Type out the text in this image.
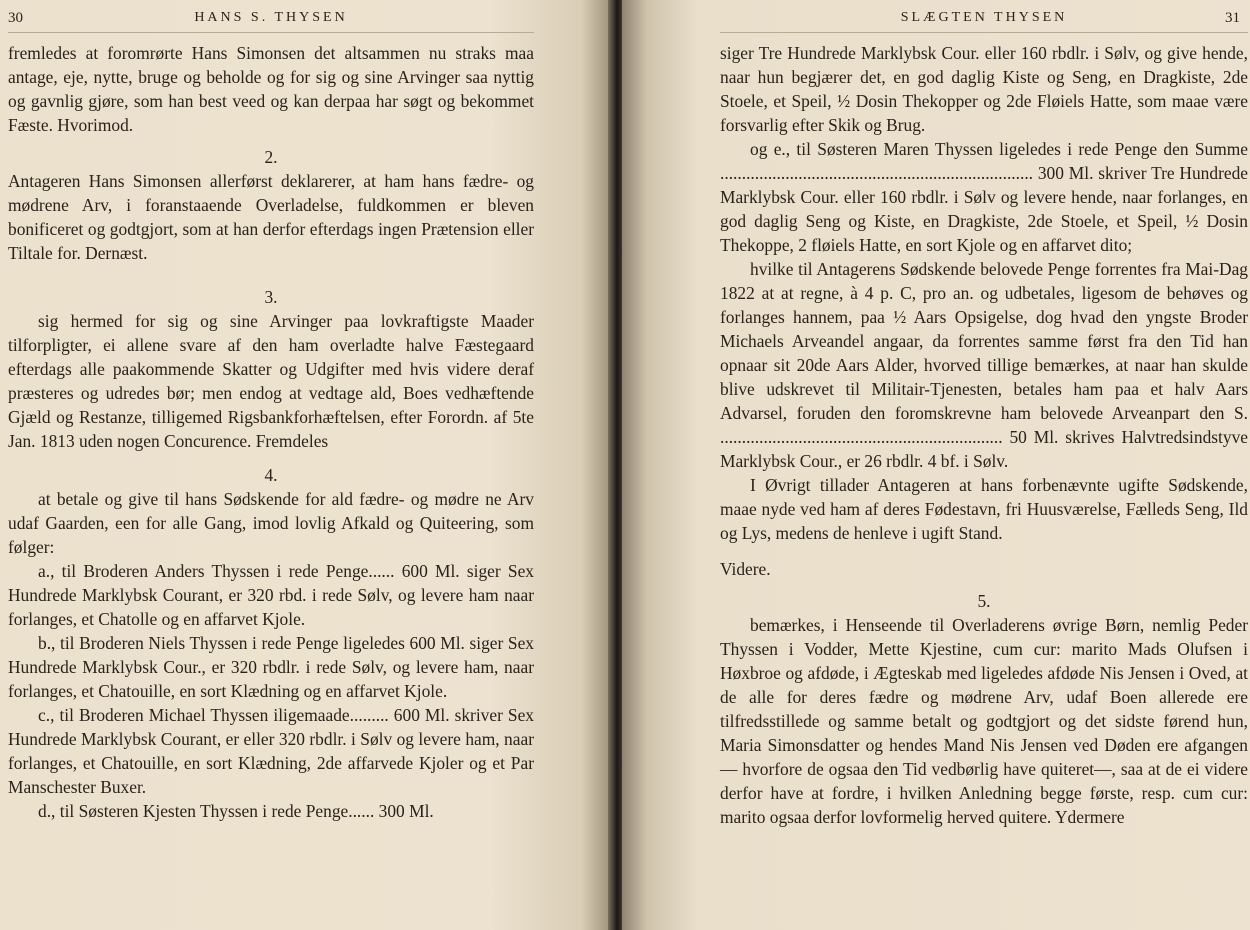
30	HANS S. THYSEN

fremledes at foromrørte Hans Simonsen det altsammen nu straks maa antage, eje, nytte, bruge og beholde og for sig og sine Arvinger saa nyttig og gavnlig gjøre, som han best veed og kan derpaa har søgt og bekommet Fæste. Hvorimod.

2.

Antageren Hans Simonsen allerførst deklarerer, at ham hans fædre- og mødrene Arv, i foranstaaende Overladelse, fuldkommen er bleven bonificeret og godtgjort, som at han derfor efterdags ingen Prætension eller Tiltale for. Dernæst.

3.

sig hermed for sig og sine Arvinger paa lovkraftigste Maader tilforpligter, ei allene svare af den ham overladte halve Fæstegaard efterdags alle paakommende Skatter og Udgifter med hvis videre deraf præsteres og udredes bør; men endog at vedtage ald, Boes vedhæftende Gjæld og Restanze, tilligemed Rigsbankforhæftelsen, efter Forordn. af 5te Jan. 1813 uden nogen Concurence. Fremdeles

4.

at betale og give til hans Sødskende for ald fædre- og mødre ne Arv udaf Gaarden, een for alle Gang, imod lovlig Afkald og Quiteering, som følger:

a., til Broderen Anders Thyssen i rede Penge...... 600 Ml. siger Sex Hundrede Marklybsk Courant, er 320 rbd. i rede Sølv, og levere ham naar forlanges, et Chatolle og en affarvet Kjole.

b., til Broderen Niels Thyssen i rede Penge ligeledes 600 Ml. siger Sex Hundrede Marklybsk Cour., er 320 rbdlr. i rede Sølv, og levere ham, naar forlanges, et Chatouille, en sort Klædning og en affarvet Kjole.

c., til Broderen Michael Thyssen iligemaade......... 600 Ml. skriver Sex Hundrede Marklybsk Courant, er eller 320 rbdlr. i Sølv og levere ham, naar forlanges, et Chatouille, en sort Klædning, 2de affarvede Kjoler og et Par Manschester Buxer.

d., til Søsteren Kjesten Thyssen i rede Penge...... 300 Ml.

SLÆGTEN THYSEN	31

siger Tre Hundrede Marklybsk Cour. eller 160 rbdlr. i Sølv, og give hende, naar hun begjærer det, en god daglig Kiste og Seng, en Dragkiste, 2de Stoele, et Speil, ½ Dosin Thekopper og 2de Fløiels Hatte, som maae være forsvarlig efter Skik og Brug.

og e., til Søsteren Maren Thyssen ligeledes i rede Penge den Summe ........................................................................ 300 Ml. skriver Tre Hundrede Marklybsk Cour. eller 160 rbdlr. i Sølv og levere hende, naar forlanges, en god daglig Seng og Kiste, en Dragkiste, 2de Stoele, et Speil, ½ Dosin Thekoppe, 2 fløiels Hatte, en sort Kjole og en affarvet dito;

hvilke til Antagerens Sødskende belovede Penge forrentes fra Mai-Dag 1822 at at regne, à 4 p. C, pro an. og udbetales, ligesom de behøves og forlanges hannem, paa ½ Aars Opsigelse, dog hvad den yngste Broder Michaels Arveandel angaar, da forrentes samme først fra den Tid han opnaar sit 20de Aars Alder, hvorved tillige bemærkes, at naar han skulde blive udskrevet til Militair-Tjenesten, betales ham paa et halv Aars Advarsel, foruden den foromskrevne ham belovede Arveanpart den S. ................................................................. 50 Ml. skrives Halvtredsindstyve Marklybsk Cour., er 26 rbdlr. 4 bf. i Sølv.

I Øvrigt tillader Antageren at hans forbenævnte ugifte Sødskende, maae nyde ved ham af deres Fødestavn, fri Huusværelse, Fælleds Seng, Ild og Lys, medens de henleve i ugift Stand.

Videre.

5.

bemærkes, i Henseende til Overladerens øvrige Børn, nemlig Peder Thyssen i Vodder, Mette Kjestine, cum cur: marito Mads Olufsen i Høxbroe og afdøde, i Ægteskab med ligeledes afdøde Nis Jensen i Oved, at de alle for deres fædre og mødrene Arv, udaf Boen allerede ere tilfredsstillede og samme betalt og godtgjort og det sidste førend hun, Maria Simonsdatter og hendes Mand Nis Jensen ved Døden ere afgangen — hvorfore de ogsaa den Tid vedbørlig have quiteret—, saa at de ei videre derfor have at fordre, i hvilken Anledning begge første, resp. cum cur: marito ogsaa derfor lovformelig herved quitere. Ydermere
